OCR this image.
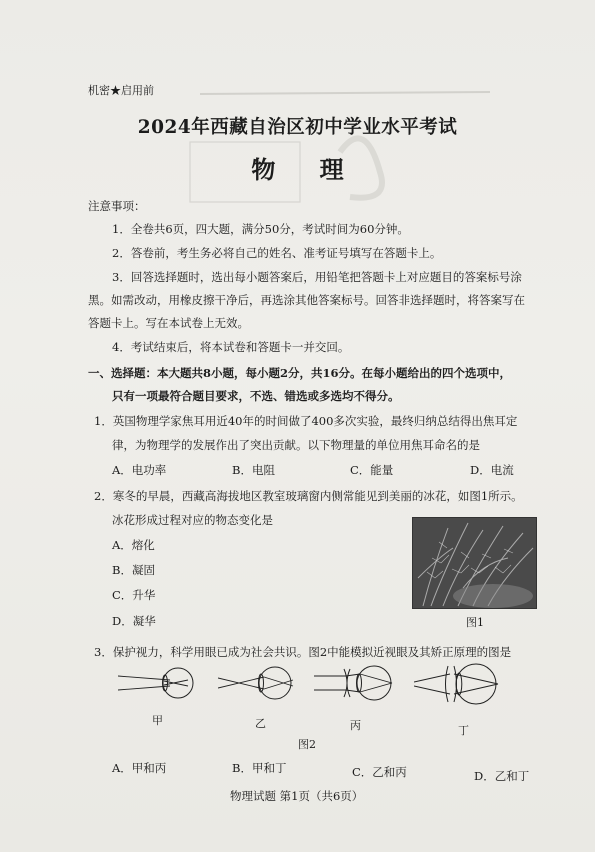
机密★启用前
2024年西藏自治区初中学业水平考试
物 理
注意事项：
1．全卷共6页，四大题，满分50分，考试时间为60分钟。
2．答卷前，考生务必将自己的姓名、准考证号填写在答题卡上。
3．回答选择题时，选出每小题答案后，用铅笔把答题卡上对应题目的答案标号涂
黑。如需改动，用橡皮擦干净后，再选涂其他答案标号。回答非选择题时，将答案写在
答题卡上。写在本试卷上无效。
4．考试结束后，将本试卷和答题卡一并交回。
一、选择题：本大题共8小题，每小题2分，共16分。在每小题给出的四个选项中，
只有一项最符合题目要求，不选、错选或多选均不得分。
1．英国物理学家焦耳用近40年的时间做了400多次实验，最终归纳总结得出焦耳定
律，为物理学的发展作出了突出贡献。以下物理量的单位用焦耳命名的是
A．电功率	B．电阻	C．能量	D．电流
2．寒冬的早晨，西藏高海拔地区教室玻璃窗内侧常能见到美丽的冰花，如图1所示。
冰花形成过程对应的物态变化是
A．熔化
B．凝固
C．升华
D．凝华	图1
3．保护视力，科学用眼已成为社会共识。图2中能模拟近视眼及其矫正原理的图是
甲	乙	丙	丁
图2
A．甲和丙	B．甲和丁	C．乙和丙	D．乙和丁
物理试题 第1页（共6页）
